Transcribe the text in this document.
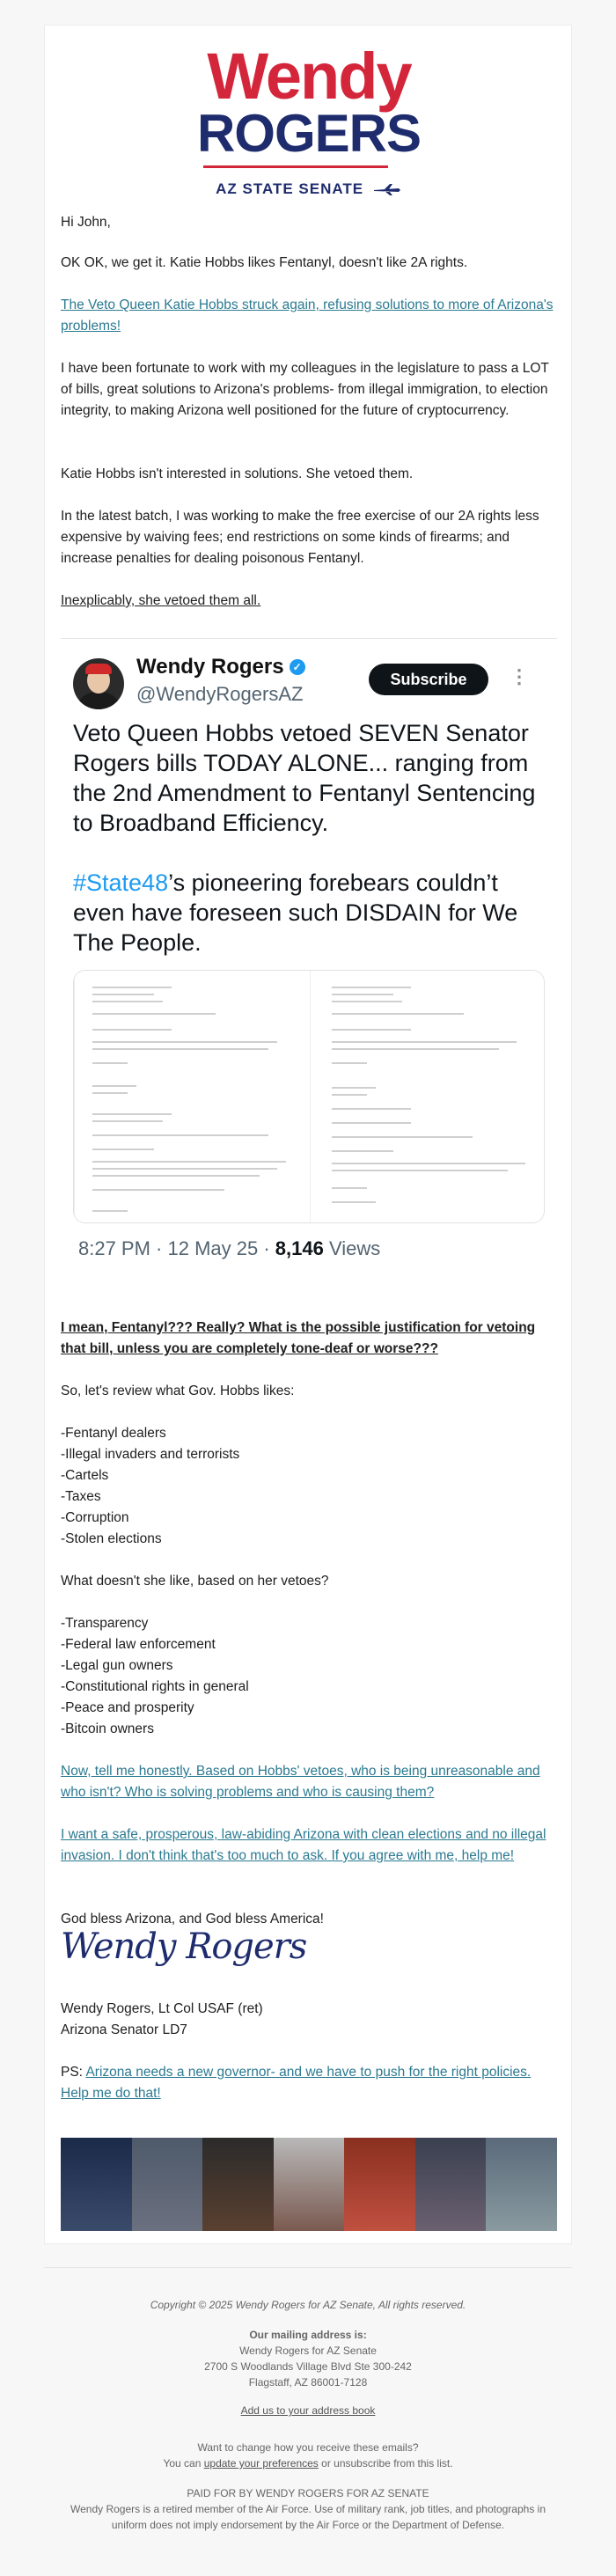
Wendy
ROGERS
AZ STATE SENATE

Hi John,

OK OK, we get it. Katie Hobbs likes Fentanyl, doesn't like 2A rights.

The Veto Queen Katie Hobbs struck again, refusing solutions to more of Arizona's problems!

I have been fortunate to work with my colleagues in the legislature to pass a LOT of bills, great solutions to Arizona's problems- from illegal immigration, to election integrity, to making Arizona well positioned for the future of cryptocurrency.

Katie Hobbs isn't interested in solutions. She vetoed them.

In the latest batch, I was working to make the free exercise of our 2A rights less expensive by waiving fees; end restrictions on some kinds of firearms; and increase penalties for dealing poisonous Fentanyl.

Inexplicably, she vetoed them all.

Wendy Rogers ✓
@WendyRogersAZ
Subscribe	⋮
Veto Queen Hobbs vetoed SEVEN Senator Rogers bills TODAY ALONE... ranging from the 2nd Amendment to Fentanyl Sentencing to Broadband Efficiency.
#State48’s pioneering forebears couldn’t even have foreseen such DISDAIN for We The People.
8:27 PM · 12 May 25 · 8,146 Views

I mean, Fentanyl??? Really? What is the possible justification for vetoing that bill, unless you are completely tone-deaf or worse???

So, let's review what Gov. Hobbs likes:

-Fentanyl dealers

-Illegal invaders and terrorists

-Cartels

-Taxes

-Corruption

-Stolen elections

What doesn't she like, based on her vetoes?

-Transparency

-Federal law enforcement

-Legal gun owners

-Constitutional rights in general

-Peace and prosperity

-Bitcoin owners

Now, tell me honestly. Based on Hobbs' vetoes, who is being unreasonable and who isn't? Who is solving problems and who is causing them?

I want a safe, prosperous, law-abiding Arizona with clean elections and no illegal invasion. I don't think that's too much to ask. If you agree with me, help me!

God bless Arizona, and God bless America!

Wendy Rogers

Wendy Rogers, Lt Col USAF (ret)

Arizona Senator LD7

PS: Arizona needs a new governor- and we have to push for the right policies. Help me do that!

Copyright © 2025 Wendy Rogers for AZ Senate, All rights reserved.
Our mailing address is:
Wendy Rogers for AZ Senate
2700 S Woodlands Village Blvd Ste 300-242
Flagstaff, AZ 86001-7128
Add us to your address book
Want to change how you receive these emails?
You can update your preferences or unsubscribe from this list.
PAID FOR BY WENDY ROGERS FOR AZ SENATE
Wendy Rogers is a retired member of the Air Force. Use of military rank, job titles, and photographs in uniform does not imply endorsement by the Air Force or the Department of Defense.
